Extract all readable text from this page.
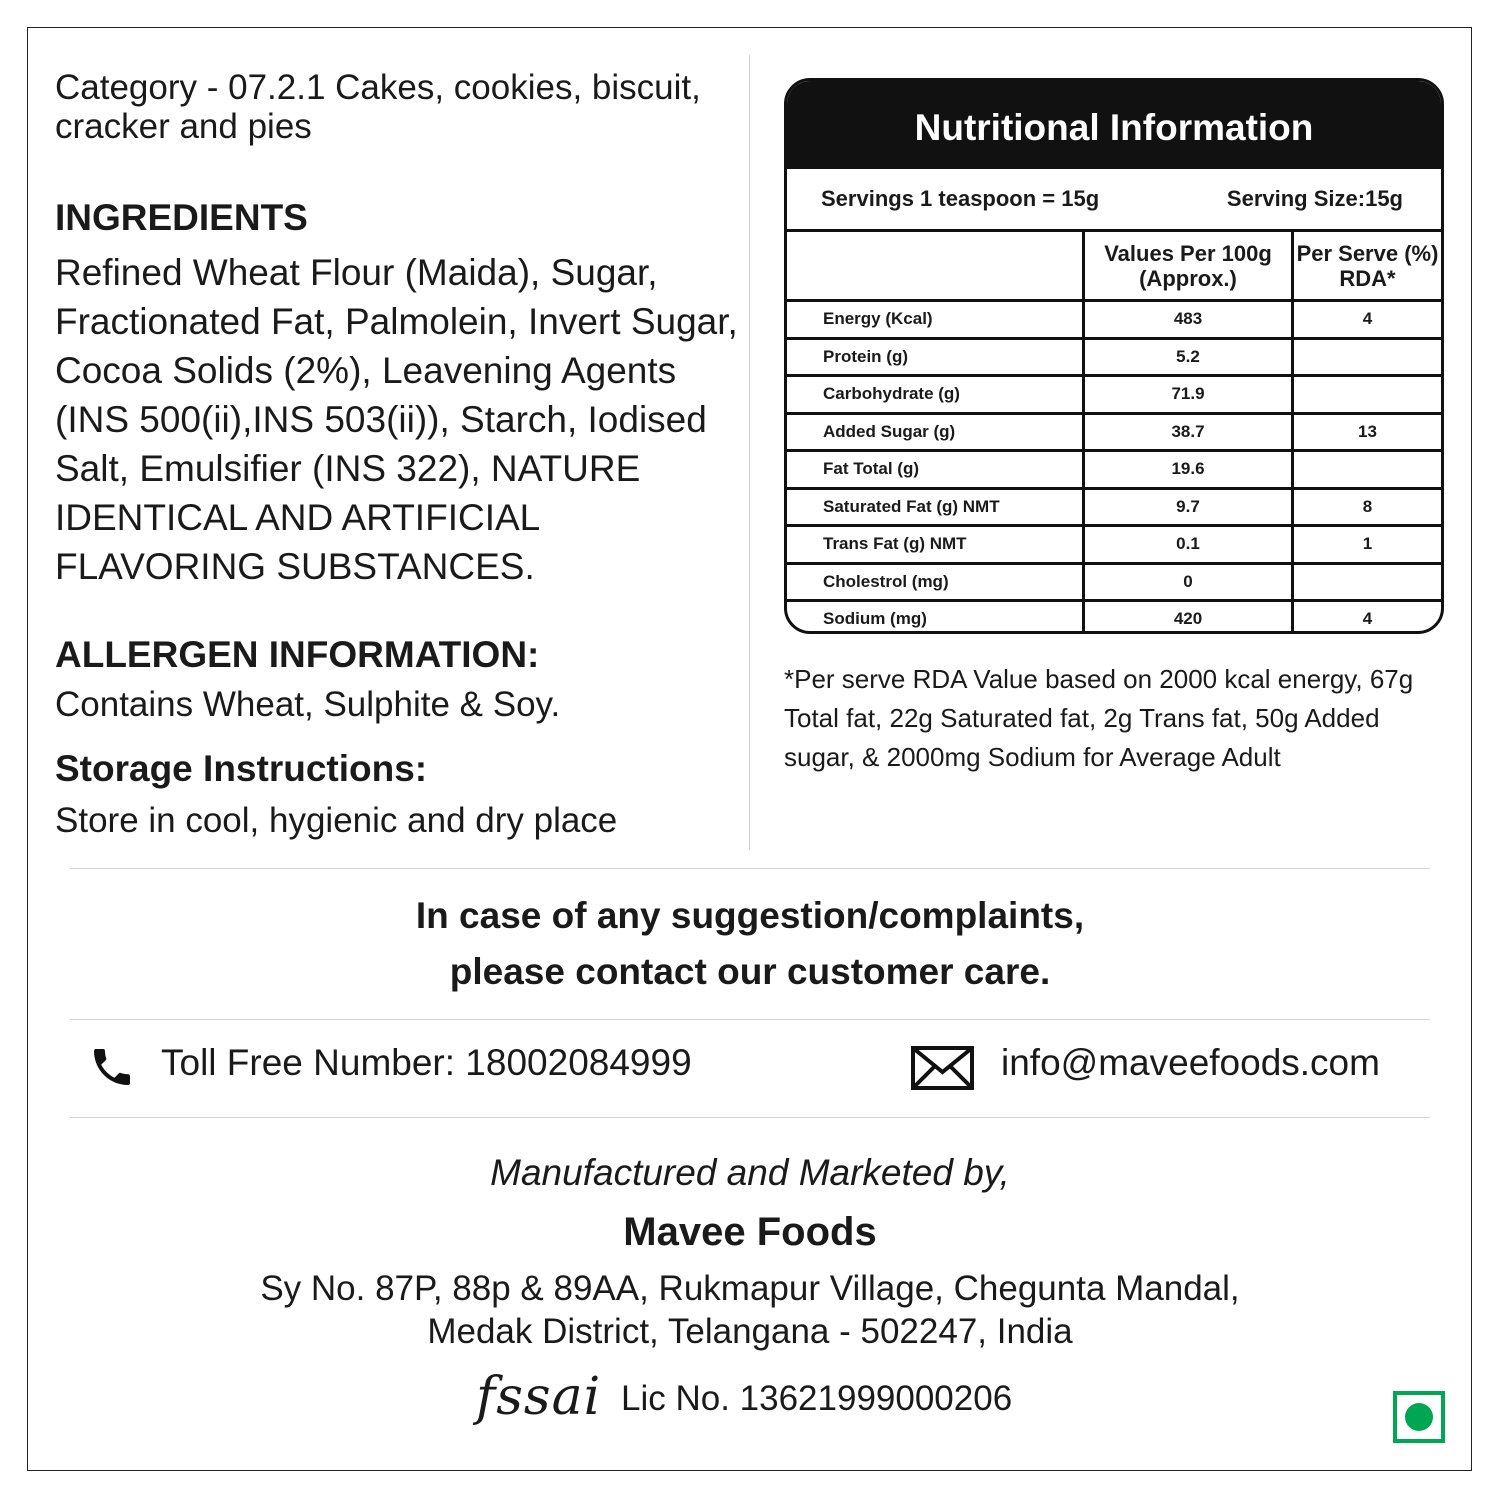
Category - 07.2.1 Cakes, cookies, biscuit, cracker and pies

INGREDIENTS

Refined Wheat Flour (Maida), Sugar, Fractionated Fat, Palmolein, Invert Sugar, Cocoa Solids (2%), Leavening Agents (INS 500(ii),INS 503(ii)), Starch, Iodised Salt, Emulsifier (INS 322), NATURE IDENTICAL AND ARTIFICIAL FLAVORING SUBSTANCES.

ALLERGEN INFORMATION:

Contains Wheat, Sulphite & Soy.

Storage Instructions:

Store in cool, hygienic and dry place

Nutritional Information
Servings 1 teaspoon = 15g	Serving Size:15g
	Values Per 100g (Approx.)	Per Serve (%) RDA*
Energy (Kcal)	483	4
Protein (g)	5.2	
Carbohydrate (g)	71.9	
Added Sugar (g)	38.7	13
Fat Total (g)	19.6	
Saturated Fat (g) NMT	9.7	8
Trans Fat (g) NMT	0.1	1
Cholestrol (mg)	0	
Sodium (mg)	420	4
*Per serve RDA Value based on 2000 kcal energy, 67g Total fat, 22g Saturated fat, 2g Trans fat, 50g Added sugar, & 2000mg Sodium for Average Adult
In case of any suggestion/complaints,
please contact our customer care.
Toll Free Number: 18002084999	info@maveefoods.com
Manufactured and Marketed by,
Mavee Foods
Sy No. 87P, 88p & 89AA, Rukmapur Village, Chegunta Mandal,
Medak District, Telangana - 502247, India
fssai Lic No. 13621999000206
